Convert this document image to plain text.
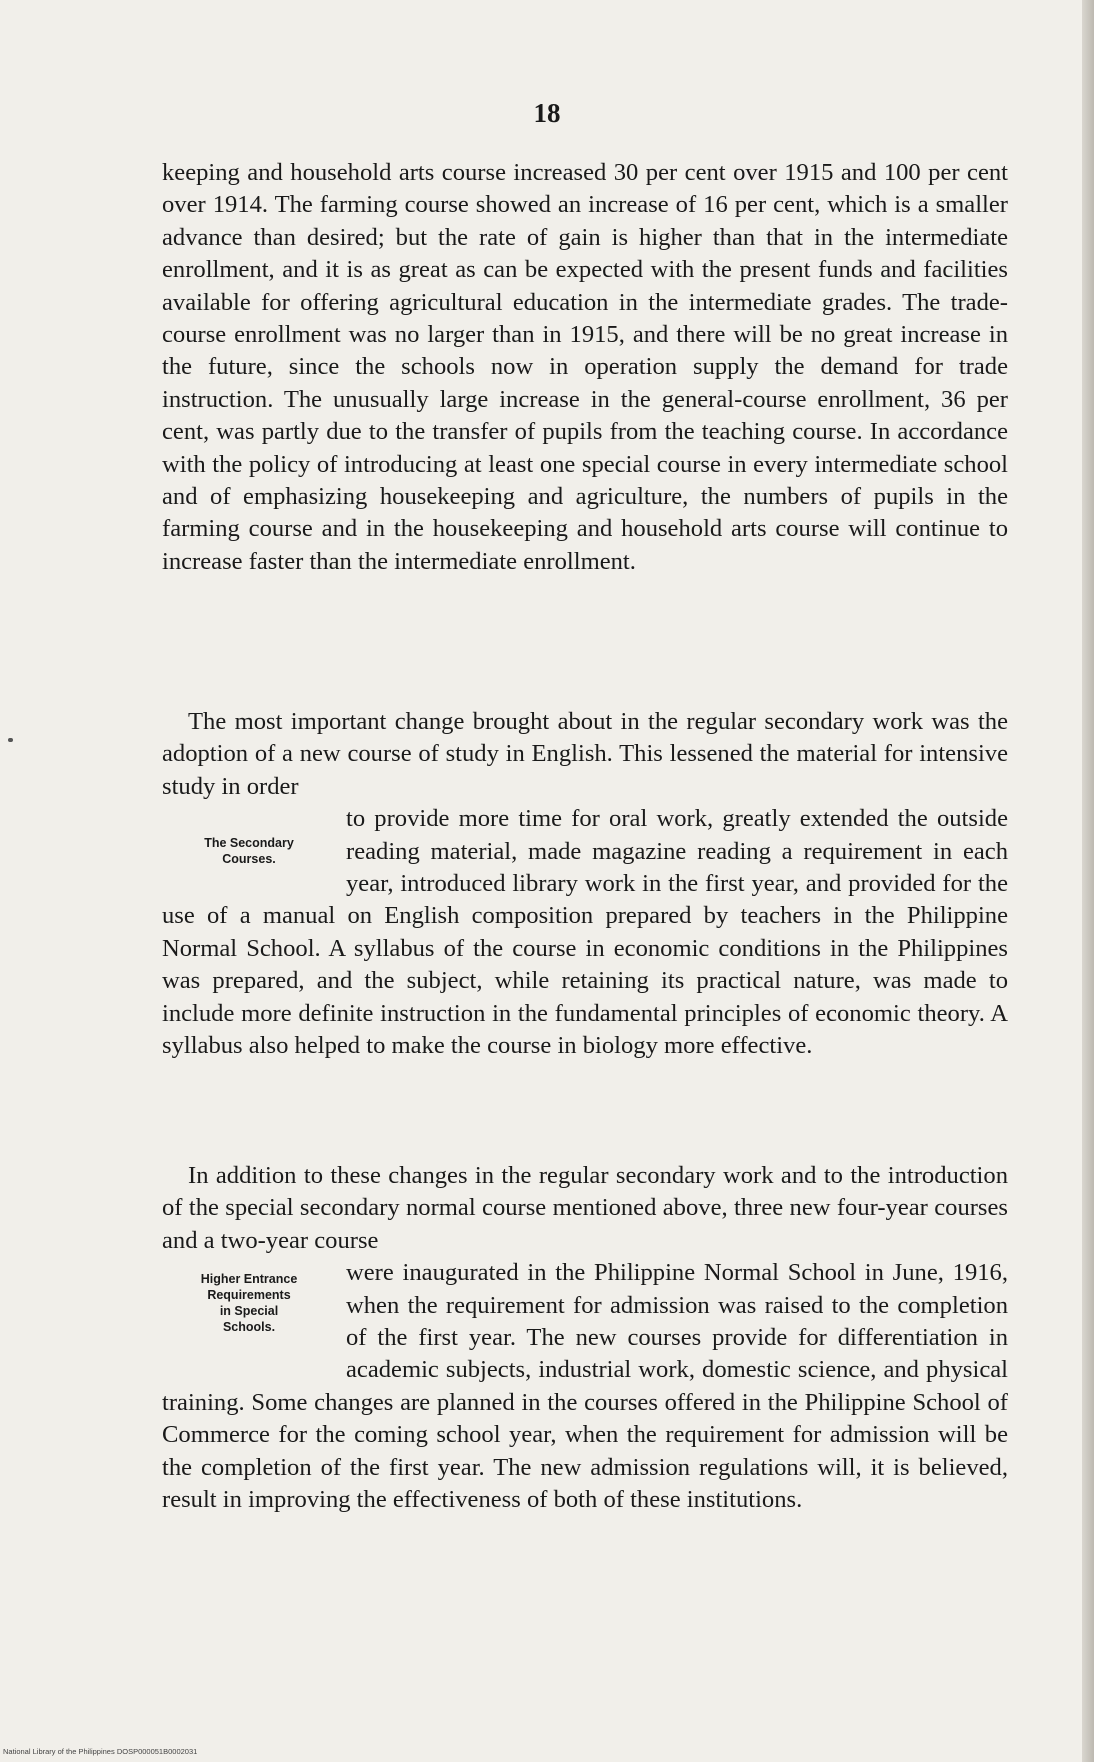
18

keeping and household arts course increased 30 per cent over 1915 and 100 per cent over 1914. The farming course showed an increase of 16 per cent, which is a smaller advance than desired; but the rate of gain is higher than that in the intermediate enrollment, and it is as great as can be expected with the present funds and facilities available for offering agricultural education in the intermediate grades. The trade-course enrollment was no larger than in 1915, and there will be no great increase in the future, since the schools now in operation supply the demand for trade instruction. The unusually large increase in the general-course enrollment, 36 per cent, was partly due to the transfer of pupils from the teaching course. In accordance with the policy of introducing at least one special course in every intermediate school and of emphasizing housekeeping and agriculture, the numbers of pupils in the farming course and in the housekeeping and household arts course will continue to increase faster than the intermediate enrollment.

The most important change brought about in the regular secondary work was the adoption of a new course of study in English. This lessened the material for intensive study in order
The Secondary
Courses.
to provide more time for oral work, greatly extended the outside reading material, made magazine reading a requirement in each year, introduced library work in the first year, and provided for the use of a manual on English composition prepared by teachers in the Philippine Normal School. A syllabus of the course in economic conditions in the Philippines was prepared, and the subject, while retaining its practical nature, was made to include more definite instruction in the fundamental principles of economic theory. A syllabus also helped to make the course in biology more effective.
In addition to these changes in the regular secondary work and to the introduction of the special secondary normal course mentioned above, three new four-year courses and a two-year course
Higher Entrance
Requirements
in Special
Schools.
were inaugurated in the Philippine Normal School in June, 1916, when the requirement for admission was raised to the completion of the first year. The new courses provide for differentiation in academic subjects, industrial work, domestic science, and physical training. Some changes are planned in the courses offered in the Philippine School of Commerce for the coming school year, when the requirement for admission will be the completion of the first year. The new admission regulations will, it is believed, result in improving the effectiveness of both of these institutions.
National Library of the Philippines DOSP000051B0002031
